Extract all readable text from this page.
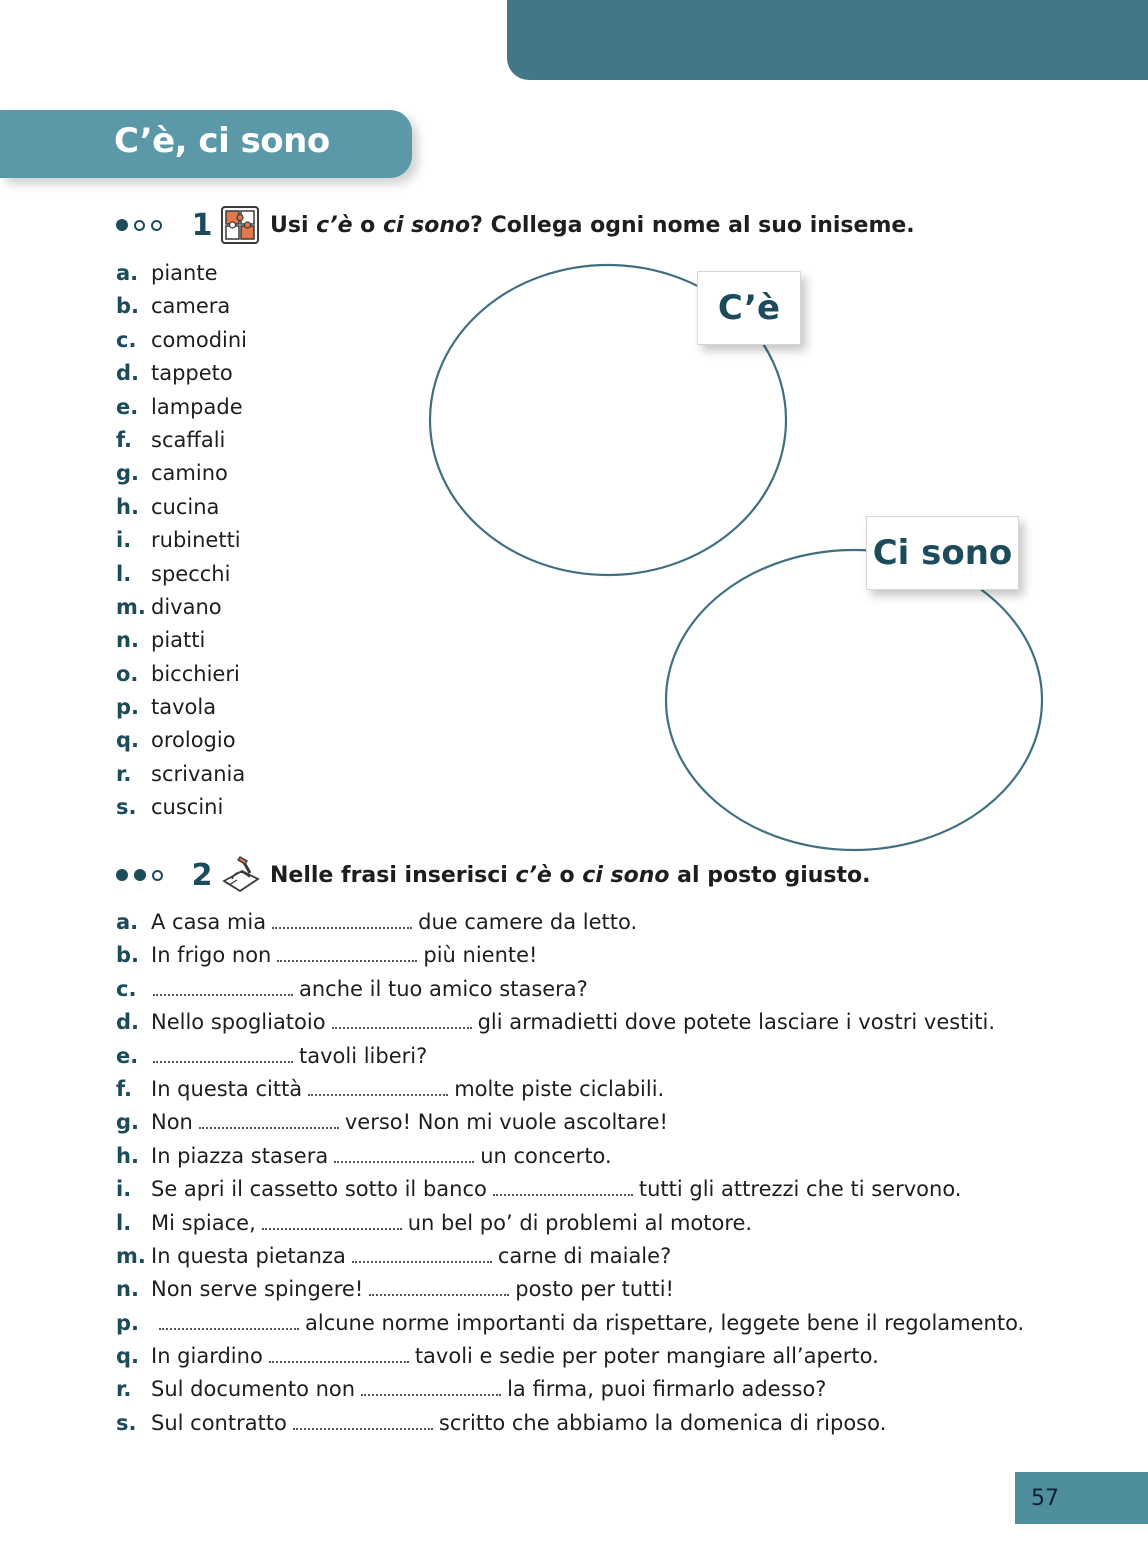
C’è, ci sono
1	Usi c’è o ci sono? Collega ogni nome al suo iniseme.
a. piante
b. camera
c. comodini
d. tappeto
e. lampade
f. scaffali
g. camino
h. cucina
i. rubinetti
l. specchi
m. divano
n. piatti
o. bicchieri
p. tavola
q. orologio
r. scrivania
s. cuscini
C’è
Ci sono
2	Nelle frasi inserisci c’è o ci sono al posto giusto.
a. A casa mia	due camere da letto.
b. In frigo non	più niente!
c.	anche il tuo amico stasera?
d. Nello spogliatoio	gli armadietti dove potete lasciare i vostri vestiti.
e.	tavoli liberi?
f. In questa città	molte piste ciclabili.
g. Non	verso! Non mi vuole ascoltare!
h. In piazza stasera	un concerto.
i. Se apri il cassetto sotto il banco	tutti gli attrezzi che ti servono.
l. Mi spiace,	un bel po’ di problemi al motore.
m. In questa pietanza	carne di maiale?
n. Non serve spingere!	posto per tutti!
p.	alcune norme importanti da rispettare, leggete bene il regolamento.
q. In giardino	tavoli e sedie per poter mangiare all’aperto.
r. Sul documento non	la firma, puoi firmarlo adesso?
s. Sul contratto	scritto che abbiamo la domenica di riposo.
57
